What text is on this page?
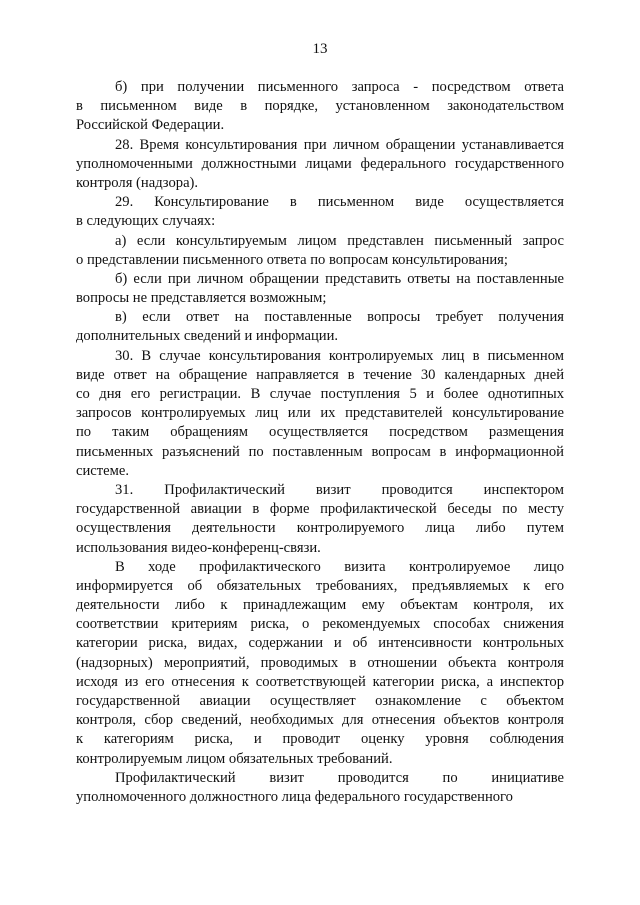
13
б) при получении письменного запроса - посредством ответа
в письменном виде в порядке, установленном законодательством
Российской Федерации.
28. Время консультирования при личном обращении устанавливается
уполномоченными должностными лицами федерального государственного
контроля (надзора).
29. Консультирование в письменном виде осуществляется
в следующих случаях:
а) если консультируемым лицом представлен письменный запрос
о представлении письменного ответа по вопросам консультирования;
б) если при личном обращении представить ответы на поставленные
вопросы не представляется возможным;
в) если ответ на поставленные вопросы требует получения
дополнительных сведений и информации.
30. В случае консультирования контролируемых лиц в письменном
виде ответ на обращение направляется в течение 30 календарных дней
со дня его регистрации. В случае поступления 5 и более однотипных
запросов контролируемых лиц или их представителей консультирование
по таким обращениям осуществляется посредством размещения
письменных разъяснений по поставленным вопросам в информационной
системе.
31. Профилактический визит проводится инспектором
государственной авиации в форме профилактической беседы по месту
осуществления деятельности контролируемого лица либо путем
использования видео-конференц-связи.
В ходе профилактического визита контролируемое лицо
информируется об обязательных требованиях, предъявляемых к его
деятельности либо к принадлежащим ему объектам контроля, их
соответствии критериям риска, о рекомендуемых способах снижения
категории риска, видах, содержании и об интенсивности контрольных
(надзорных) мероприятий, проводимых в отношении объекта контроля
исходя из его отнесения к соответствующей категории риска, а инспектор
государственной авиации осуществляет ознакомление с объектом
контроля, сбор сведений, необходимых для отнесения объектов контроля
к категориям риска, и проводит оценку уровня соблюдения
контролируемым лицом обязательных требований.
Профилактический визит проводится по инициативе
уполномоченного должностного лица федерального государственного
